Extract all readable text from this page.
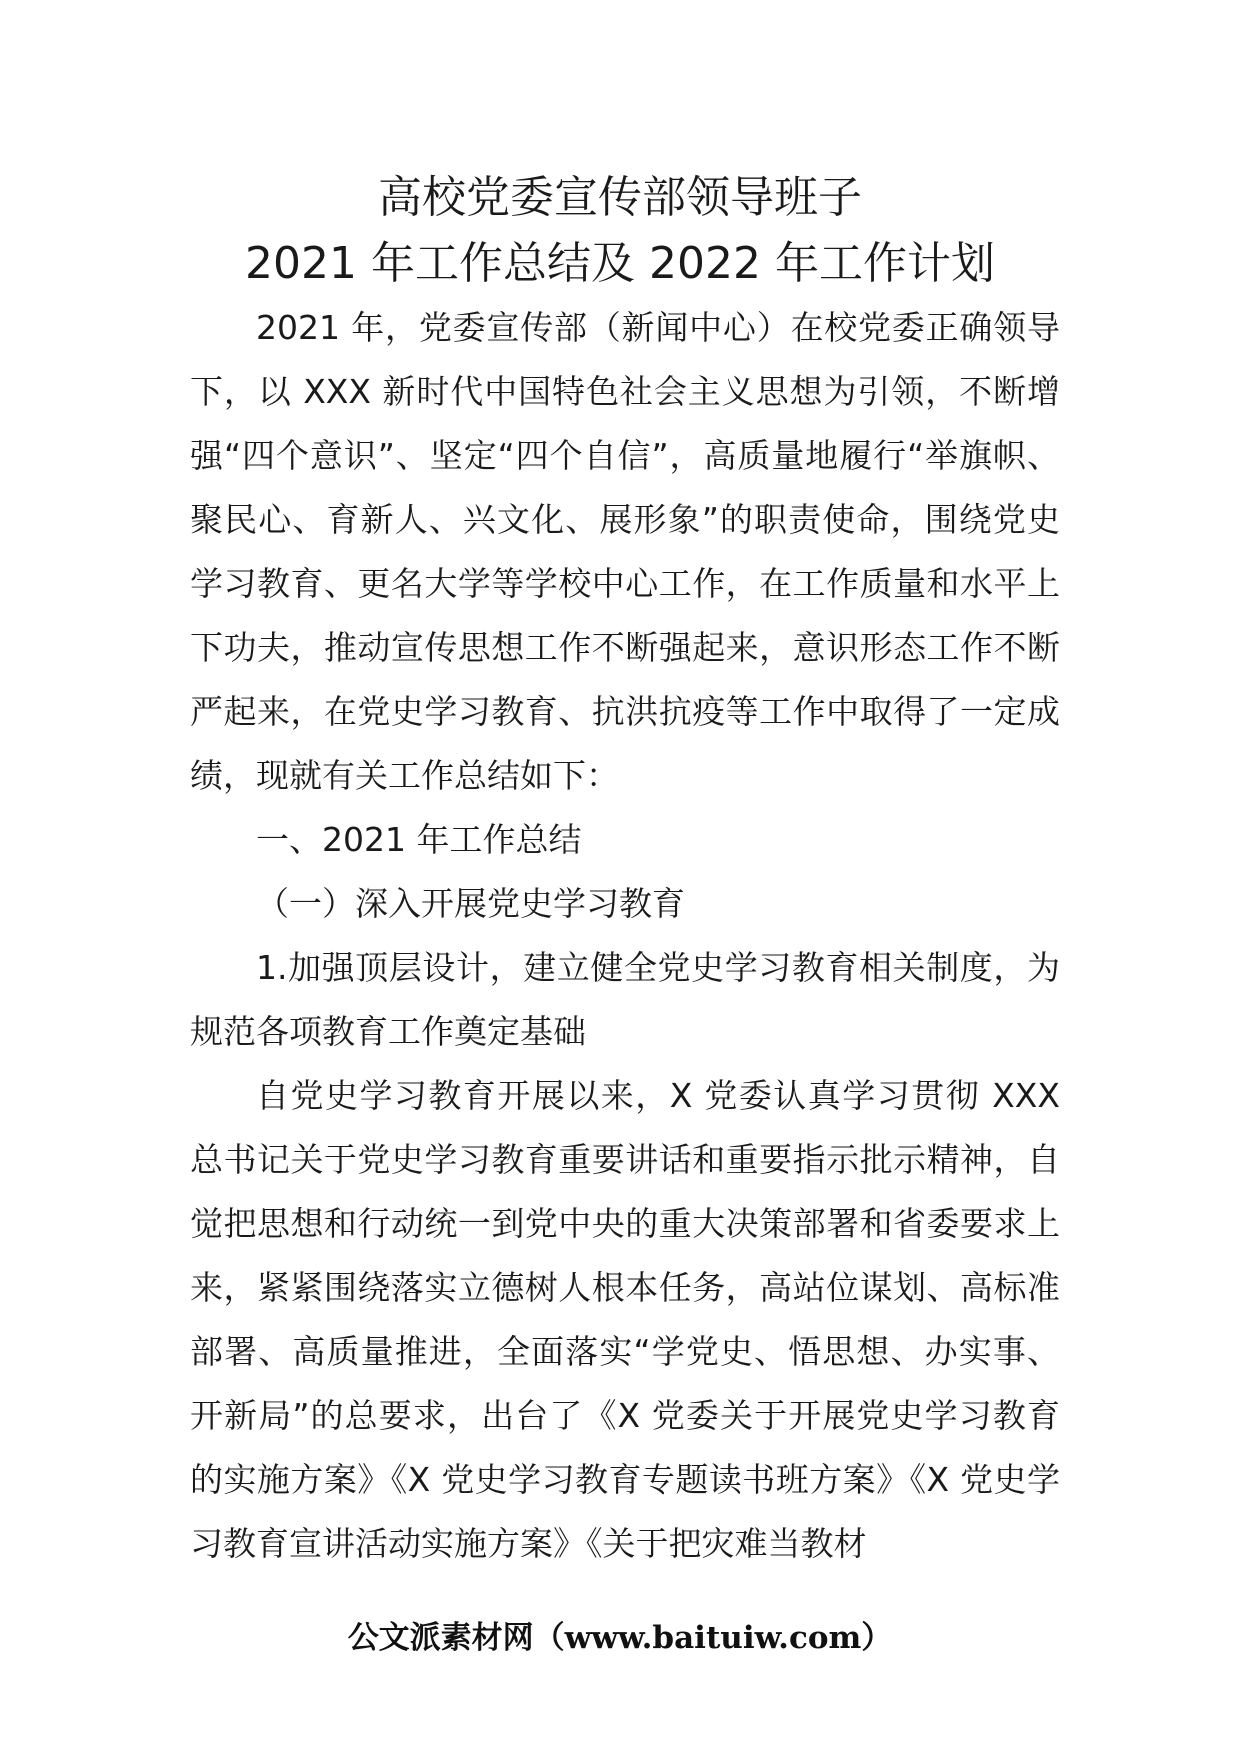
高校党委宣传部领导班子
2021 年工作总结及 2022 年工作计划

2021 年，党委宣传部（新闻中心）在校党委正确领导下，以 XXX 新时代中国特色社会主义思想为引领，不断增强“四个意识”、坚定“四个自信”，高质量地履行“举旗帜、聚民心、育新人、兴文化、展形象”的职责使命，围绕党史学习教育、更名大学等学校中心工作，在工作质量和水平上下功夫，推动宣传思想工作不断强起来，意识形态工作不断严起来，在党史学习教育、抗洪抗疫等工作中取得了一定成绩，现就有关工作总结如下：

一、2021 年工作总结

（一）深入开展党史学习教育

1.加强顶层设计，建立健全党史学习教育相关制度，为规范各项教育工作奠定基础

自党史学习教育开展以来，X 党委认真学习贯彻 XXX 总书记关于党史学习教育重要讲话和重要指示批示精神，自觉把思想和行动统一到党中央的重大决策部署和省委要求上来，紧紧围绕落实立德树人根本任务，高站位谋划、高标准部署、高质量推进，全面落实“学党史、悟思想、办实事、开新局”的总要求，出台了《X 党委关于开展党史学习教育的实施方案》《X 党史学习教育专题读书班方案》《X 党史学习教育宣讲活动实施方案》《关于把灾难当教材

公文派素材网（www.baituiw.com）
